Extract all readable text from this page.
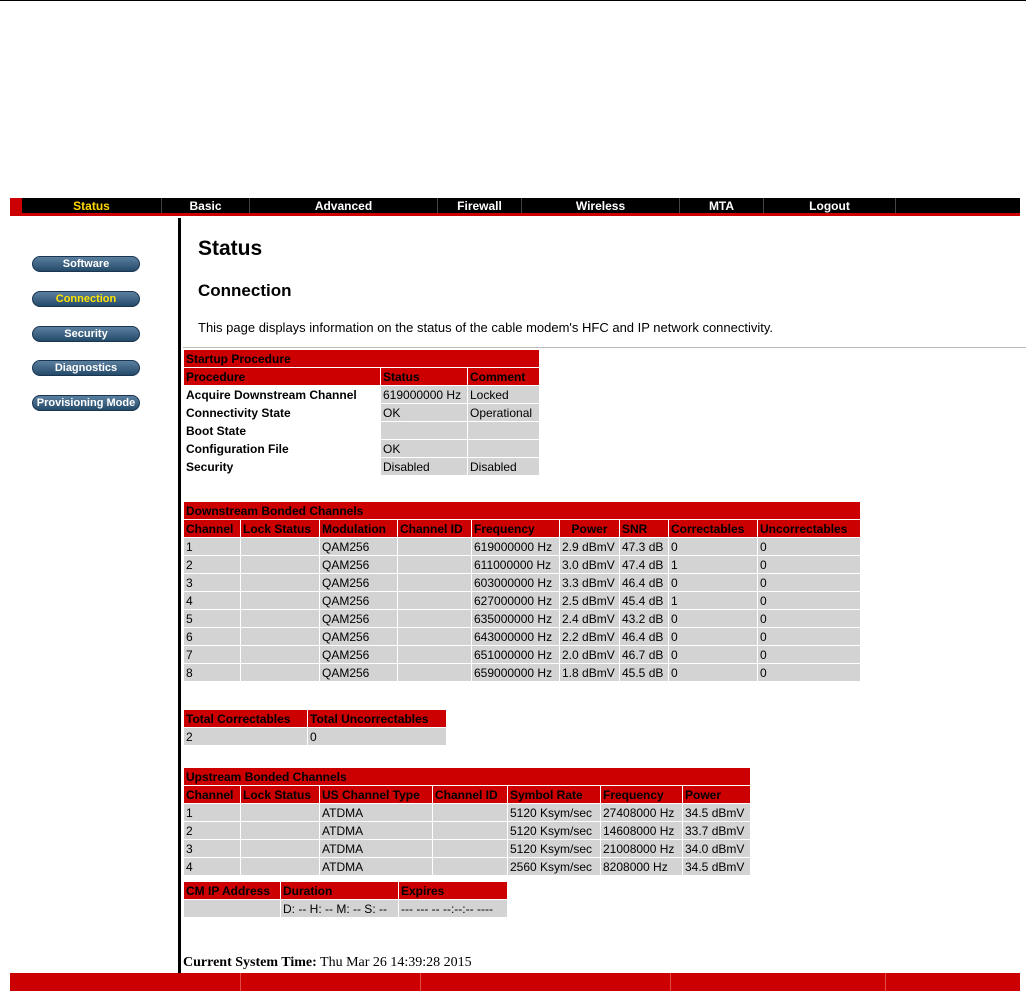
Status	Basic	Advanced	Firewall	Wireless	MTA	Logout
Software
Connection
Security
Diagnostics
Provisioning Mode
Status
Connection
This page displays information on the status of the cable modem's HFC and IP network connectivity.
Startup Procedure		
Procedure	Status	Comment
Acquire Downstream Channel	619000000 Hz	Locked
Connectivity State	OK	Operational
Boot State		
Configuration File	OK	
Security	Disabled	Disabled
Downstream Bonded Channels								
Channel	Lock Status	Modulation	Channel ID	Frequency	Power	SNR	Correctables	Uncorrectables
1		QAM256		619000000 Hz	2.9 dBmV	47.3 dB	0	0
2		QAM256		611000000 Hz	3.0 dBmV	47.4 dB	1	0
3		QAM256		603000000 Hz	3.3 dBmV	46.4 dB	0	0
4		QAM256		627000000 Hz	2.5 dBmV	45.4 dB	1	0
5		QAM256		635000000 Hz	2.4 dBmV	43.2 dB	0	0
6		QAM256		643000000 Hz	2.2 dBmV	46.4 dB	0	0
7		QAM256		651000000 Hz	2.0 dBmV	46.7 dB	0	0
8		QAM256		659000000 Hz	1.8 dBmV	45.5 dB	0	0
Total Correctables	Total Uncorrectables
2	0
Upstream Bonded Channels						
Channel	Lock Status	US Channel Type	Channel ID	Symbol Rate	Frequency	Power
1		ATDMA		5120 Ksym/sec	27408000 Hz	34.5 dBmV
2		ATDMA		5120 Ksym/sec	14608000 Hz	33.7 dBmV
3		ATDMA		5120 Ksym/sec	21008000 Hz	34.0 dBmV
4		ATDMA		2560 Ksym/sec	8208000 Hz	34.5 dBmV
CM IP Address	Duration	Expires
	D: -- H: -- M: -- S: --	--- --- -- --:--:-- ----
Current System Time: Thu Mar 26 14:39:28 2015
